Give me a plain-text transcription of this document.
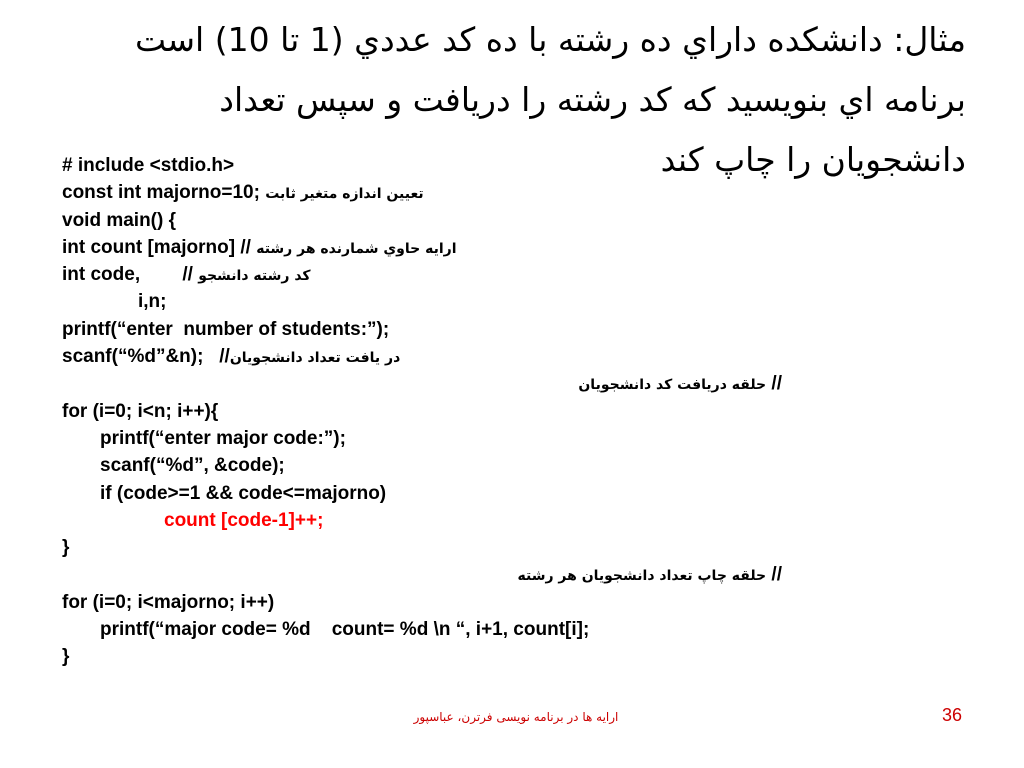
مثال: دانشكده داراي ده رشته با ده كد عددي (1 تا 10) است
برنامه اي بنويسيد كه كد رشته را دريافت و سپس تعداد
دانشجويان را چاپ كند
# include <stdio.h>
const int majorno=10; تعيين اندازه متغير ثابت
void main() {
int count [majorno] // ارايه حاوي شمارنده هر رشته
int code,        // كد رشته دانشجو
i,n;
printf(“enter  number of students:”);
scanf(“%d”&n);   //در يافت تعداد دانشجويان
// حلقه دريافت كد دانشجويان
for (i=0; i<n; i++){
printf(“enter major code:”);
scanf(“%d”, &code);
if (code>=1 && code<=majorno)
count [code-1]++;
}
// حلقه چاپ تعداد دانشجويان هر رشته
for (i=0; i<majorno; i++)
printf(“major code= %d    count= %d \n “, i+1, count[i];
}
ارايه ها در برنامه نويسی فرترن، عباسپور	36
